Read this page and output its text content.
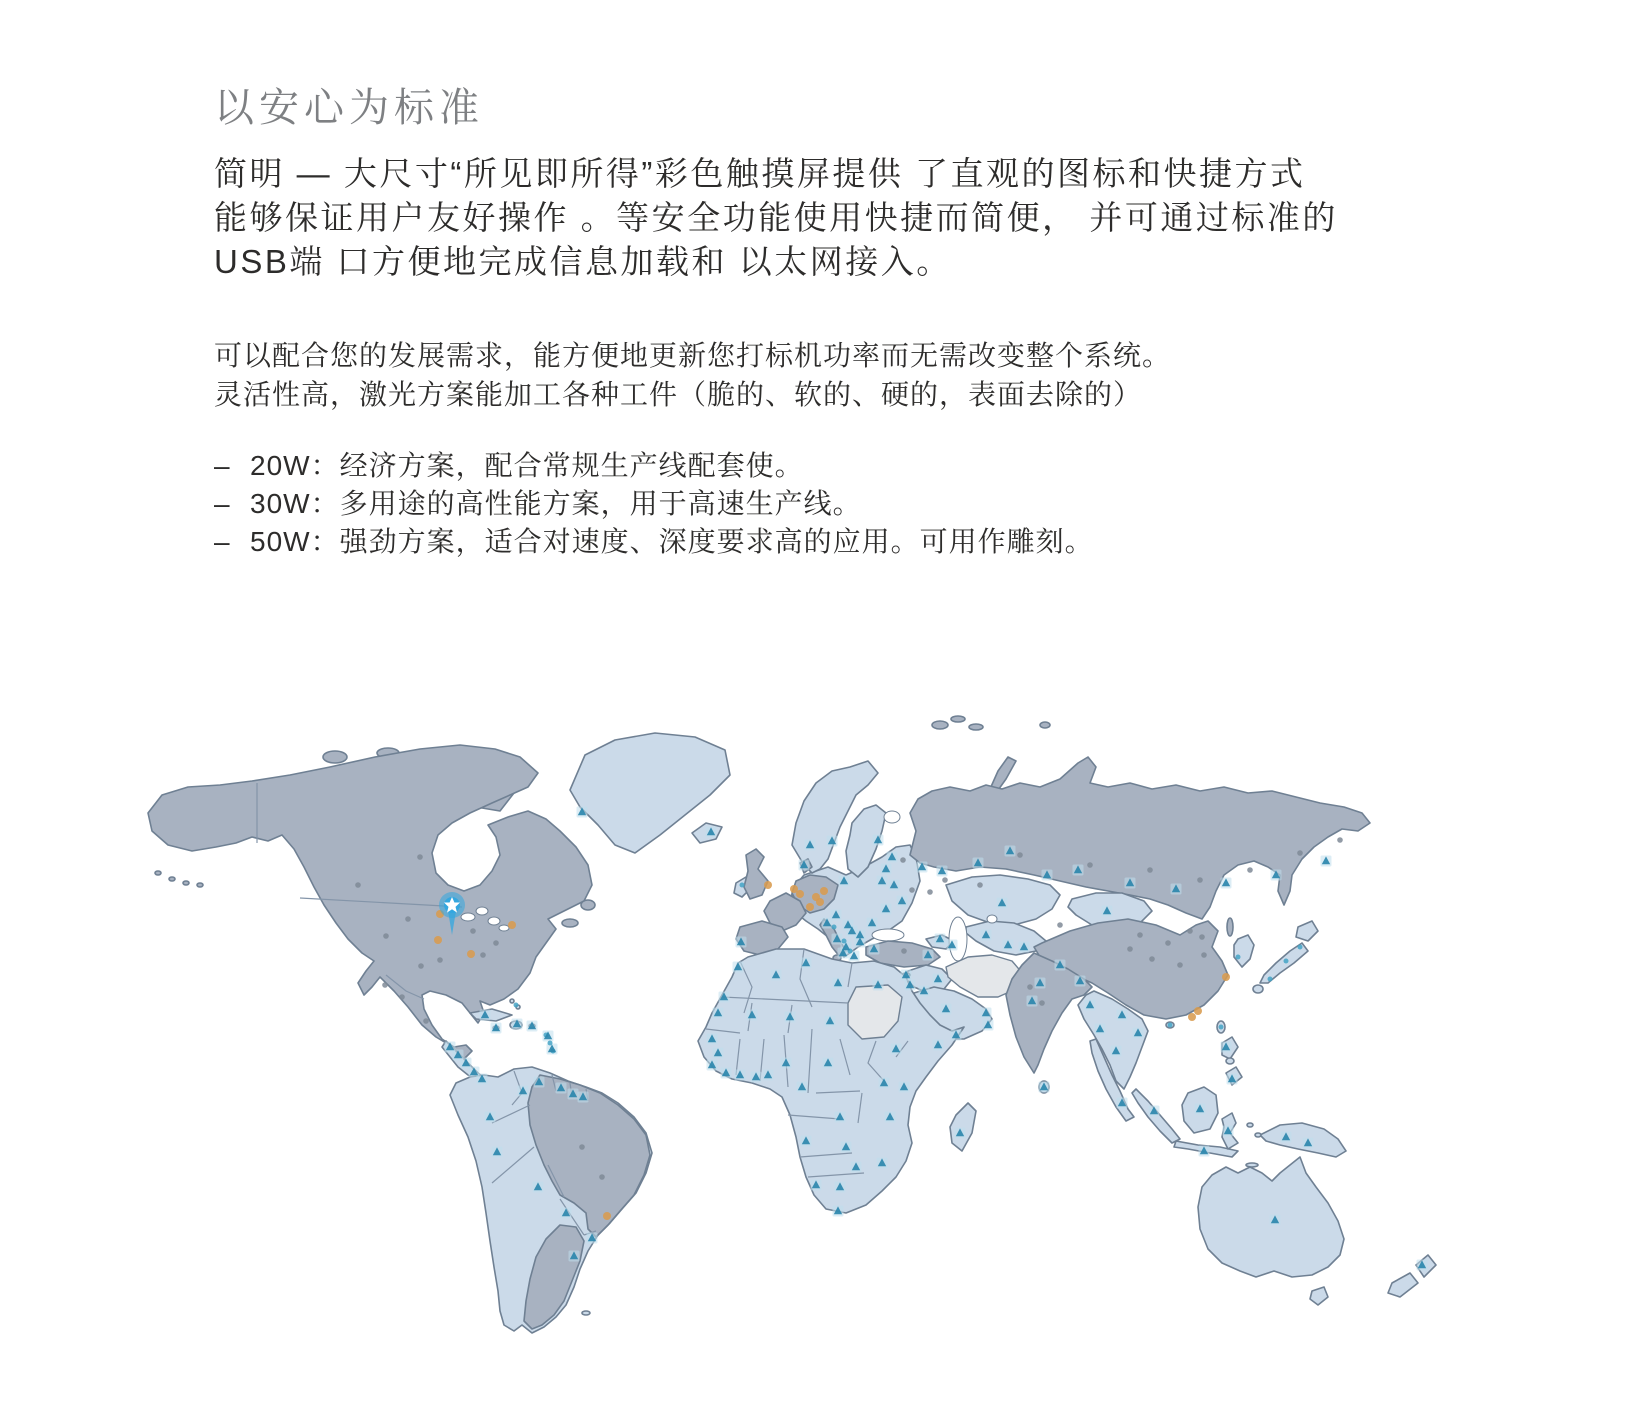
以安心为标准
简明 — 大尺寸“所见即所得”彩色触摸屏提供 了直观的图标和快捷方式
能够保证用户友好操作 。等安全功能使用快捷而简便， 并可通过标准的
USB端 口方便地完成信息加载和 以太网接入。
可以配合您的发展需求，能方便地更新您打标机功率而无需改变整个系统。
灵活性高，激光方案能加工各种工件（脆的、软的、硬的，表面去除的）
– 20W：经济方案，配合常规生产线配套使。
– 30W：多用途的高性能方案，用于高速生产线。
– 50W：强劲方案，适合对速度、深度要求高的应用。可用作雕刻。
